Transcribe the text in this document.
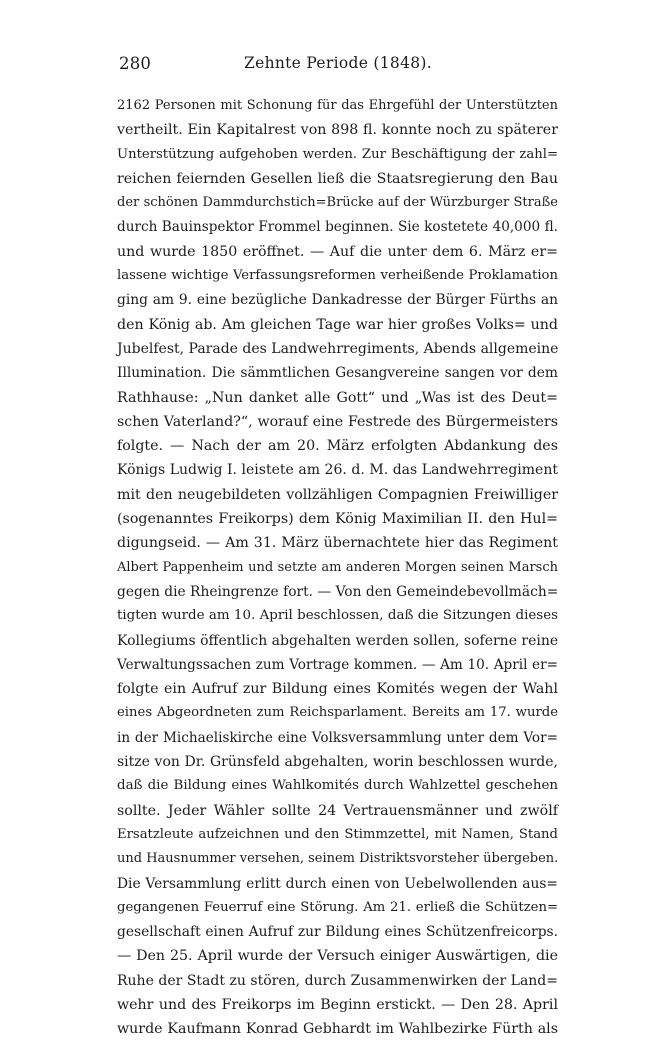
280	Zehnte Periode (1848).
2162 Personen mit Schonung für das Ehrgefühl der Unterstützten
vertheilt. Ein Kapitalrest von 898 fl. konnte noch zu späterer
Unterstützung aufgehoben werden. Zur Beschäftigung der zahl=
reichen feiernden Gesellen ließ die Staatsregierung den Bau
der schönen Dammdurchstich=Brücke auf der Würzburger Straße
durch Bauinspektor Frommel beginnen. Sie kostetete 40,000 fl.
und wurde 1850 eröffnet. — Auf die unter dem 6. März er=
lassene wichtige Verfassungsreformen verheißende Proklamation
ging am 9. eine bezügliche Dankadresse der Bürger Fürths an
den König ab. Am gleichen Tage war hier großes Volks= und
Jubelfest, Parade des Landwehrregiments, Abends allgemeine
Illumination. Die sämmtlichen Gesangvereine sangen vor dem
Rathhause: „Nun danket alle Gott“ und „Was ist des Deut=
schen Vaterland?“, worauf eine Festrede des Bürgermeisters
folgte. — Nach der am 20. März erfolgten Abdankung des
Königs Ludwig I. leistete am 26. d. M. das Landwehrregiment
mit den neugebildeten vollzähligen Compagnien Freiwilliger
(sogenanntes Freikorps) dem König Maximilian II. den Hul=
digungseid. — Am 31. März übernachtete hier das Regiment
Albert Pappenheim und setzte am anderen Morgen seinen Marsch
gegen die Rheingrenze fort. — Von den Gemeindebevollmäch=
tigten wurde am 10. April beschlossen, daß die Sitzungen dieses
Kollegiums öffentlich abgehalten werden sollen, soferne reine
Verwaltungssachen zum Vortrage kommen. — Am 10. April er=
folgte ein Aufruf zur Bildung eines Komités wegen der Wahl
eines Abgeordneten zum Reichsparlament. Bereits am 17. wurde
in der Michaeliskirche eine Volksversammlung unter dem Vor=
sitze von Dr. Grünsfeld abgehalten, worin beschlossen wurde,
daß die Bildung eines Wahlkomités durch Wahlzettel geschehen
sollte. Jeder Wähler sollte 24 Vertrauensmänner und zwölf
Ersatzleute aufzeichnen und den Stimmzettel, mit Namen, Stand
und Hausnummer versehen, seinem Distriktsvorsteher übergeben.
Die Versammlung erlitt durch einen von Uebelwollenden aus=
gegangenen Feuerruf eine Störung. Am 21. erließ die Schützen=
gesellschaft einen Aufruf zur Bildung eines Schützenfreicorps.
— Den 25. April wurde der Versuch einiger Auswärtigen, die
Ruhe der Stadt zu stören, durch Zusammenwirken der Land=
wehr und des Freikorps im Beginn erstickt. — Den 28. April
wurde Kaufmann Konrad Gebhardt im Wahlbezirke Fürth als
